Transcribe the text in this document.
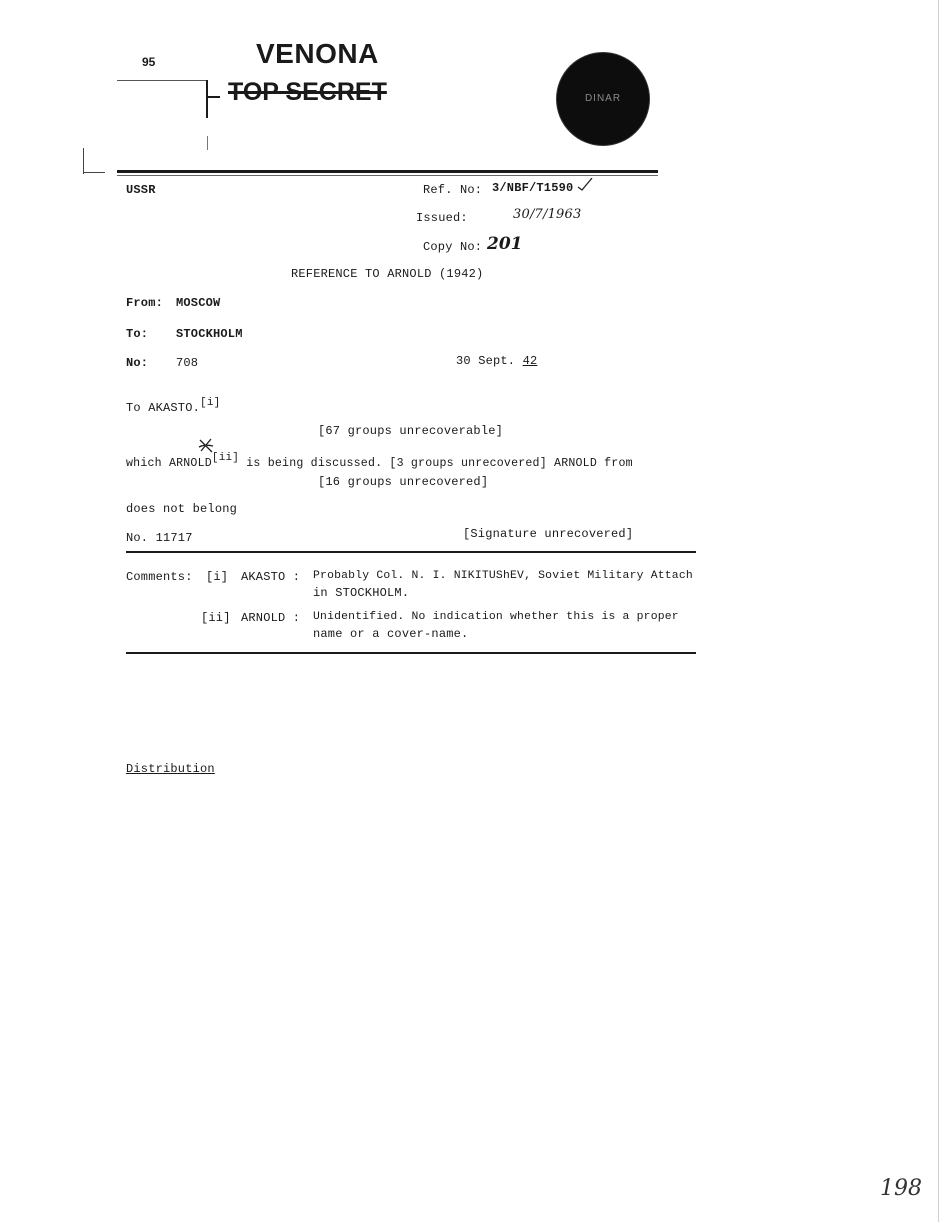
95	VENONA
TOP SECRET	DINAR
USSR	Ref. No: 3/NBF/T1590
Issued:	30/7/1963
Copy No: 201
REFERENCE TO ARNOLD (1942)
From: MOSCOW
To: STOCKHOLM
No: 708	30 Sept. 42
To AKASTO.[i]
[67 groups unrecoverable]
which ARNOLD[ii] is being discussed. [3 groups unrecovered] ARNOLD from
[16 groups unrecovered]
does not belong
No. 11717	[Signature unrecovered]
Comments: [i] AKASTO : Probably Col. N. I. NIKITUShEV, Soviet Military Attach
in STOCKHOLM.
[ii] ARNOLD : Unidentified. No indication whether this is a proper
name or a cover-name.
Distribution
198
